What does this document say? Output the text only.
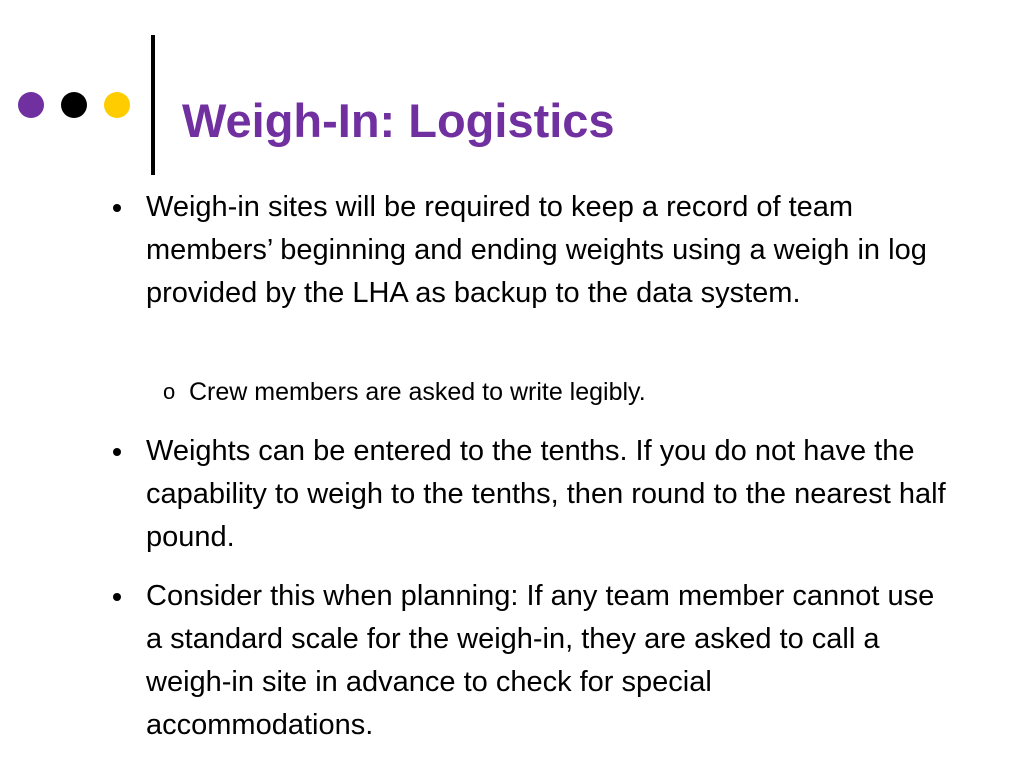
Weigh-In: Logistics

Weigh-in sites will be required to keep a record of team members’ beginning and ending weights using a weigh in log provided by the LHA as backup to the data system.

o Crew members are asked to write legibly.

Weights can be entered to the tenths. If you do not have the capability to weigh to the tenths, then round to the nearest half pound.

Consider this when planning: If any team member cannot use a standard scale for the weigh-in, they are asked to call a weigh-in site in advance to check for special accommodations.
